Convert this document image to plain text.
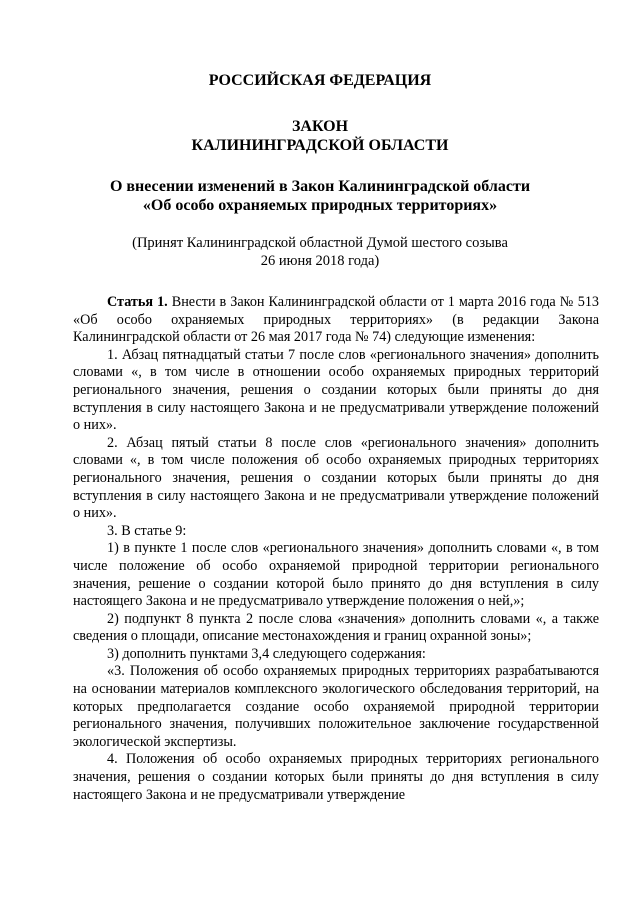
РОССИЙСКАЯ ФЕДЕРАЦИЯ

ЗАКОН

КАЛИНИНГРАДСКОЙ ОБЛАСТИ

О внесении изменений в Закон Калининградской области

«Об особо охраняемых природных территориях»

(Принят Калининградской областной Думой шестого созыва

26 июня 2018 года)

Статья 1. Внести в Закон Калининградской области от 1 марта 2016 года № 513 «Об особо охраняемых природных территориях» (в редакции Закона Калининградской области от 26 мая 2017 года № 74) следующие изменения:

1. Абзац пятнадцатый статьи 7 после слов «регионального значения» дополнить словами «, в том числе в отношении особо охраняемых природных территорий регионального значения, решения о создании которых были приняты до дня вступления в силу настоящего Закона и не предусматривали утверждение положений о них».

2. Абзац пятый статьи 8 после слов «регионального значения» дополнить словами «, в том числе положения об особо охраняемых природных территориях регионального значения, решения о создании которых были приняты до дня вступления в силу настоящего Закона и не предусматривали утверждение положений о них».

3. В статье 9:

1) в пункте 1 после слов «регионального значения» дополнить словами «, в том числе положение об особо охраняемой природной территории регионального значения, решение о создании которой было принято до дня вступления в силу настоящего Закона и не предусматривало утверждение положения о ней,»;

2) подпункт 8 пункта 2 после слова «значения» дополнить словами «, а также сведения о площади, описание местонахождения и границ охранной зоны»;

3) дополнить пунктами 3,4 следующего содержания:

«3. Положения об особо охраняемых природных территориях разрабатываются на основании материалов комплексного экологического обследования территорий, на которых предполагается создание особо охраняемой природной территории регионального значения, получивших положительное заключение государственной экологической экспертизы.

4. Положения об особо охраняемых природных территориях регионального значения, решения о создании которых были приняты до дня вступления в силу настоящего Закона и не предусматривали утверждение
